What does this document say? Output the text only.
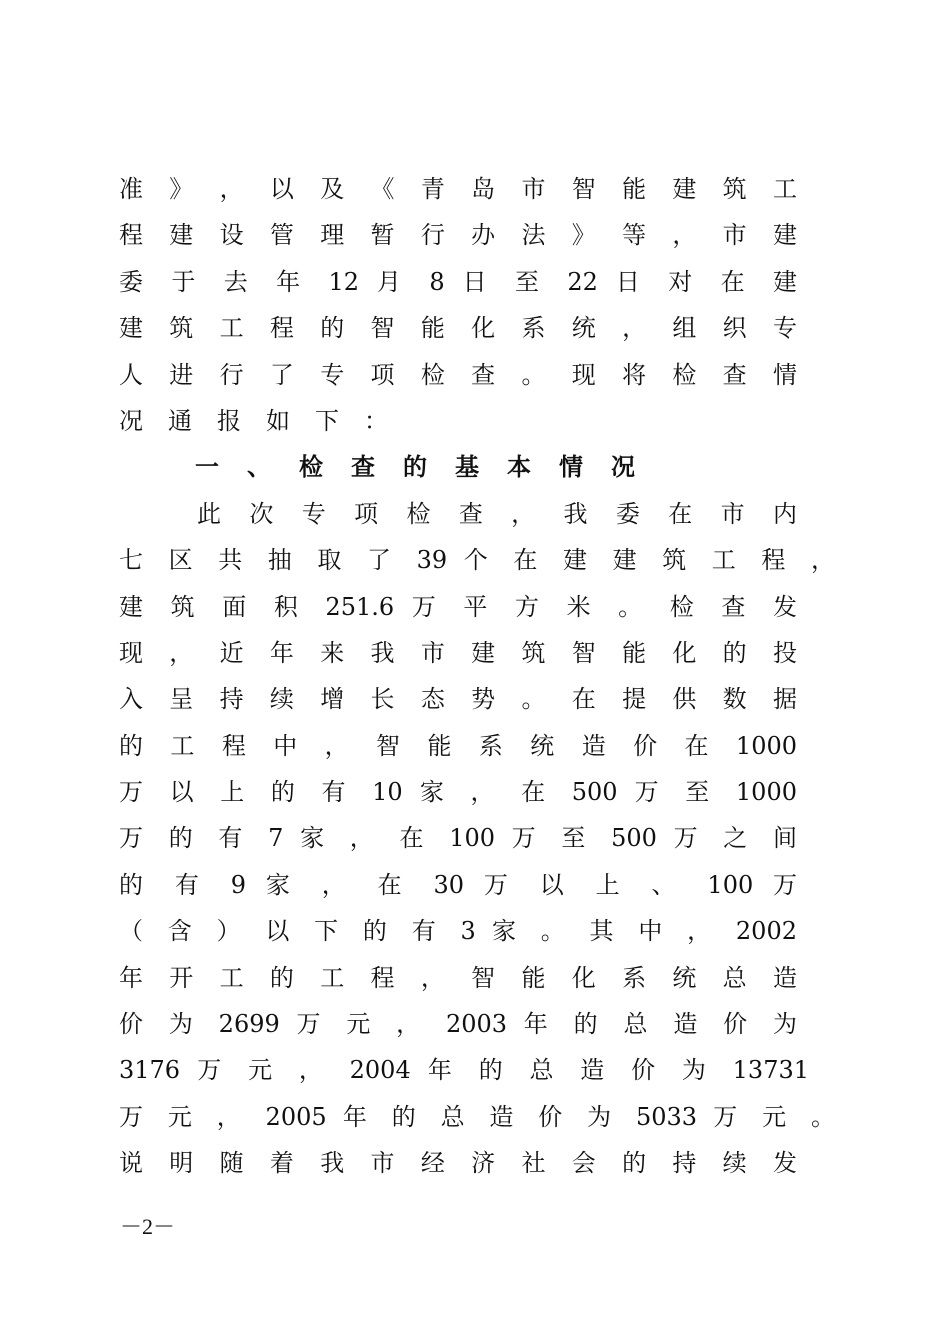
准 》 ， 以 及 《 青 岛 市 智 能 建 筑 工
程 建 设 管 理 暂 行 办 法 》 等 ， 市 建
委 于 去 年 12 月 8 日 至 22 日 对 在 建
建 筑 工 程 的 智 能 化 系 统 ， 组 织 专
人 进 行 了 专 项 检 查 。 现 将 检 查 情
况通报如下：
一、检查的基本情况
此 次 专 项 检 查 ， 我 委 在 市 内
七 区 共 抽 取 了 39 个 在 建 建 筑 工 程 ，
建 筑 面 积 251.6 万 平 方 米 。 检 查 发
现 ， 近 年 来 我 市 建 筑 智 能 化 的 投
入 呈 持 续 增 长 态 势 。 在 提 供 数 据
的 工 程 中 ， 智 能 系 统 造 价 在 1000
万 以 上 的 有 10 家 ， 在 500 万 至 1000
万 的 有 7 家 ， 在 100 万 至 500 万 之 间
的 有 9 家 ， 在 30 万 以 上 、 100 万
（ 含 ） 以 下 的 有 3 家 。 其 中 ， 2002
年 开 工 的 工 程 ， 智 能 化 系 统 总 造
价 为 2699 万 元 ， 2003 年 的 总 造 价 为
3176 万 元 ， 2004 年 的 总 造 价 为 13731
万 元 ， 2005 年 的 总 造 价 为 5033 万 元 。
说 明 随 着 我 市 经 济 社 会 的 持 续 发
－2－
